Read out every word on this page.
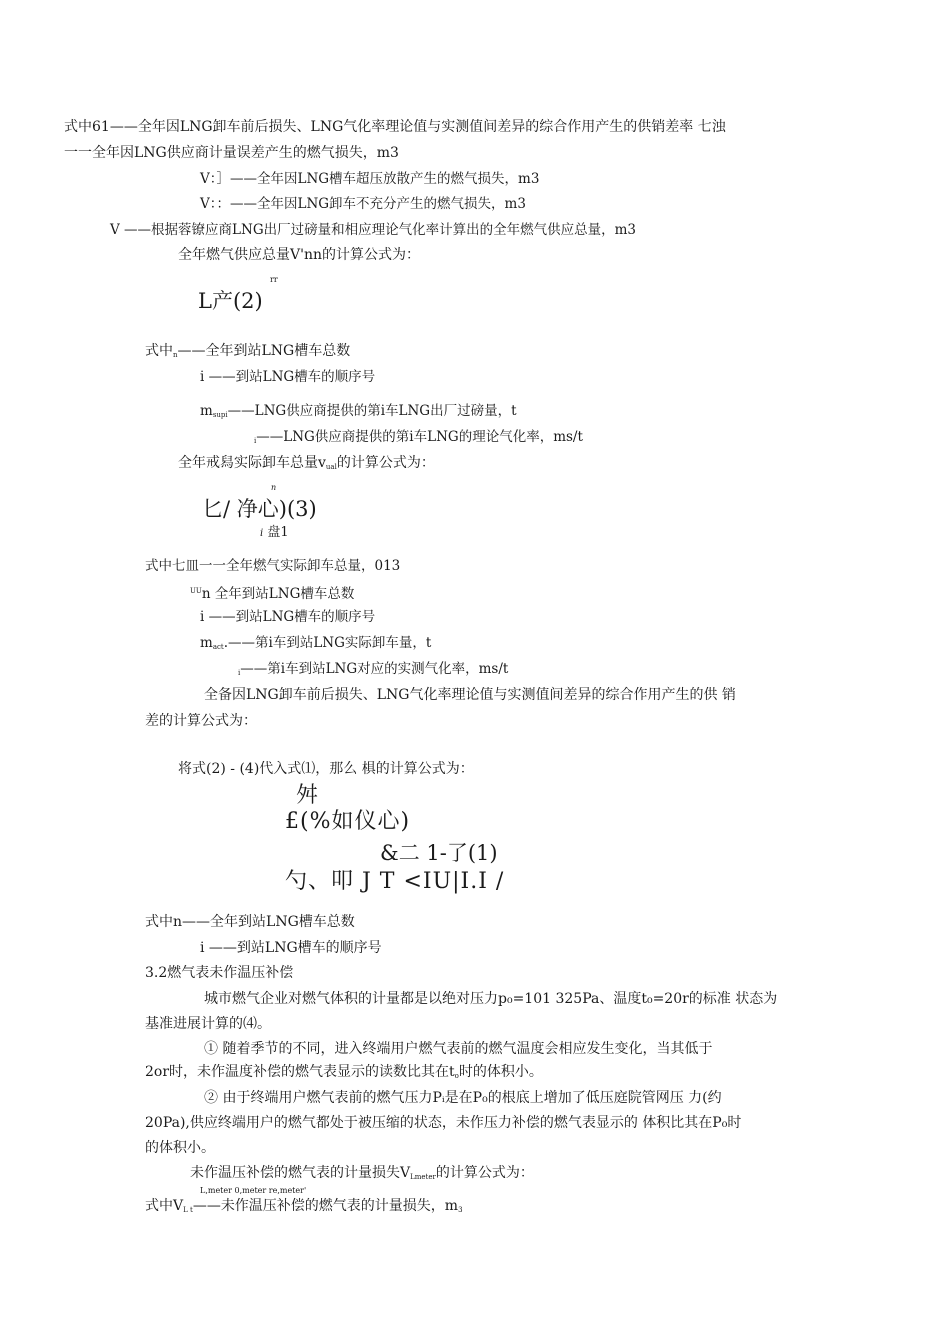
式中61——全年因LNG卸车前后损失、LNG气化率理论值与实测值间差异的综合作用产生的供销差率 七浊
一一全年因LNG供应商计量误差产生的燃气损失，m3
V：］——全年因LNG槽车超压放散产生的燃气损失，m3
V：：——全年因LNG卸车不充分产生的燃气损失，m3
V ——根据蓉镣应商LNG出厂过磅量和相应理论气化率计算出的全年燃气供应总量，m3
全年燃气供应总量V'nn的计算公式为：
rr
L产(2)
式中$_n$——全年到站LNG槽车总数
i ——到站LNG槽车的顺序号
$m_{supi}——LNG$供应商提供的第i车LNG出厂过磅量，t
$_i$——LNG供应商提供的第i车LNG的理论气化率，ms/t
全年戒舄实际卸车总量$v_{ual}$的计算公式为：
n
匕/ 净心)(3)
i 盘1
式中七皿一一全年燃气实际卸车总量，013
$^{UU}$n 全年到站LNG槽车总数
i ——到站LNG槽车的顺序号
$m_{act}.——$第i车到站LNG实际卸车量，t
$_i$——第i车到站LNG对应的实测气化率，ms/t
全备因LNG卸车前后损失、LNG气化率理论值与实测值间差异的综合作用产生的供 销
差的计算公式为：
将式(2) - (4)代入式⑴，那么 椇的计算公式为：
舛
£(%如仪心)
&二 1-了(1)
勺、叩 J T <IU|I.I /
式中n——全年到站LNG槽车总数
i ——到站LNG槽车的顺序号
3.2燃气表未作温压补偿
城市燃气企业对燃气体积的计量都是以绝对压力p₀=101 325Pa、温度t₀=20r的标准 状态为
基准进展计算的⑷。
① 随着季节的不同，进入终端用户燃气表前的燃气温度会相应发生变化，当其低于
2or时，未作温度补偿的燃气表显示的读数比其在$t_o$时的体积小。
② 由于终端用户燃气表前的燃气压力Pᵢ是在P₀的根底上增加了低压庭院管网压 力(约
20Pa),供应终端用户的燃气都处于被压缩的状态，未作压力补偿的燃气表显示的 体积比其在P₀时
的体积小。
未作温压补偿的燃气表的计量损失$V_{Lmeter}$的计算公式为：
L,meter 0,meter re,meter'
式中$V_{L t}——$未作温压补偿的燃气表的计量损失，$m_3$
